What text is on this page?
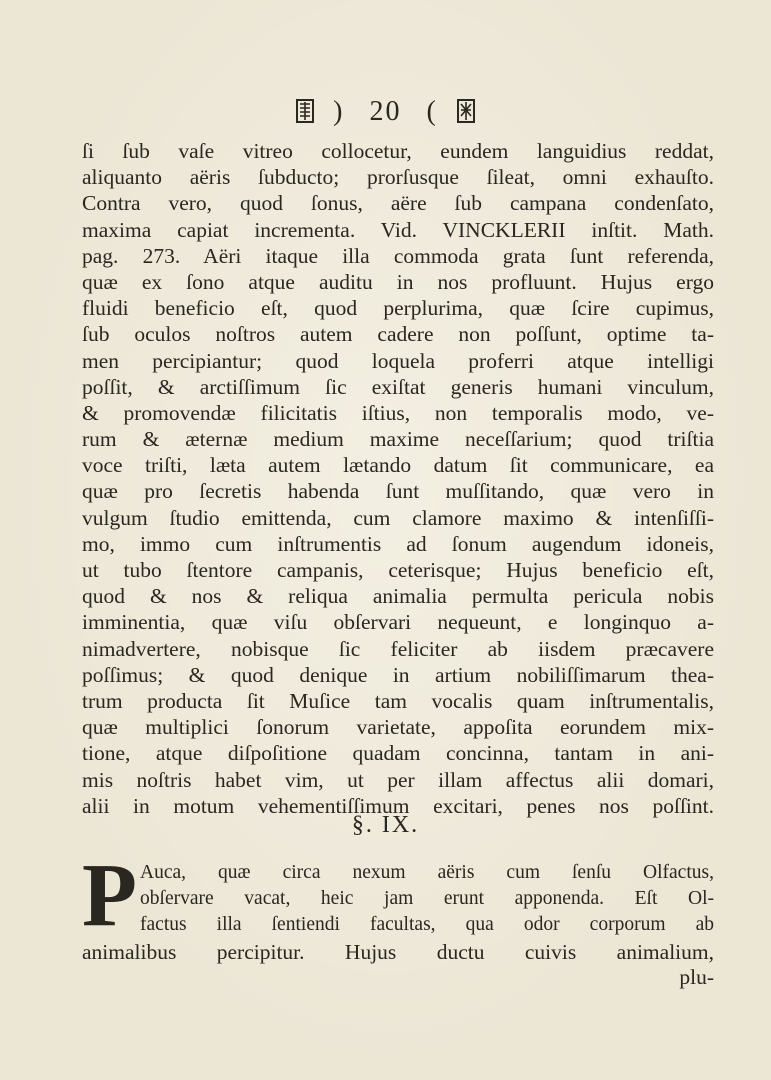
) 20 (
ſi ſub vaſe vitreo collocetur, eundem languidius reddat,
aliquanto aëris ſubducto; prorſusque ſileat, omni exhauſto.
Contra vero, quod ſonus, aëre ſub campana condenſato,
maxima capiat incrementa. Vid. VINCKLERII inſtit. Math.
pag. 273. Aëri itaque illa commoda grata ſunt referenda,
quæ ex ſono atque auditu in nos profluunt. Hujus ergo
fluidi beneficio eſt, quod perplurima, quæ ſcire cupimus,
ſub oculos noſtros autem cadere non poſſunt, optime ta-
men percipiantur; quod loquela proferri atque intelligi
poſſit, & arctiſſimum ſic exiſtat generis humani vinculum,
& promovendæ filicitatis iſtius, non temporalis modo, ve-
rum & æternæ medium maxime neceſſarium; quod triſtia
voce triſti, læta autem lætando datum ſit communicare, ea
quæ pro ſecretis habenda ſunt muſſitando, quæ vero in
vulgum ſtudio emittenda, cum clamore maximo & intenſiſſi-
mo, immo cum inſtrumentis ad ſonum augendum idoneis,
ut tubo ſtentore campanis, ceterisque; Hujus beneficio eſt,
quod & nos & reliqua animalia permulta pericula nobis
imminentia, quæ viſu obſervari nequeunt, e longinquo a-
nimadvertere, nobisque ſic feliciter ab iisdem præcavere
poſſimus; & quod denique in artium nobiliſſimarum thea-
trum producta ſit Muſice tam vocalis quam inſtrumentalis,
quæ multiplici ſonorum varietate, appoſita eorundem mix-
tione, atque diſpoſitione quadam concinna, tantam in ani-
mis noſtris habet vim, ut per illam affectus alii domari,
alii in motum vehementiſſimum excitari, penes nos poſſint.
§. IX.
P Auca, quæ circa nexum aëris cum ſenſu Olfactus,
obſervare vacat, heic jam erunt apponenda. Eſt Ol-
factus illa ſentiendi facultas, qua odor corporum ab
animalibus percipitur. Hujus ductu cuivis animalium,
plu-
